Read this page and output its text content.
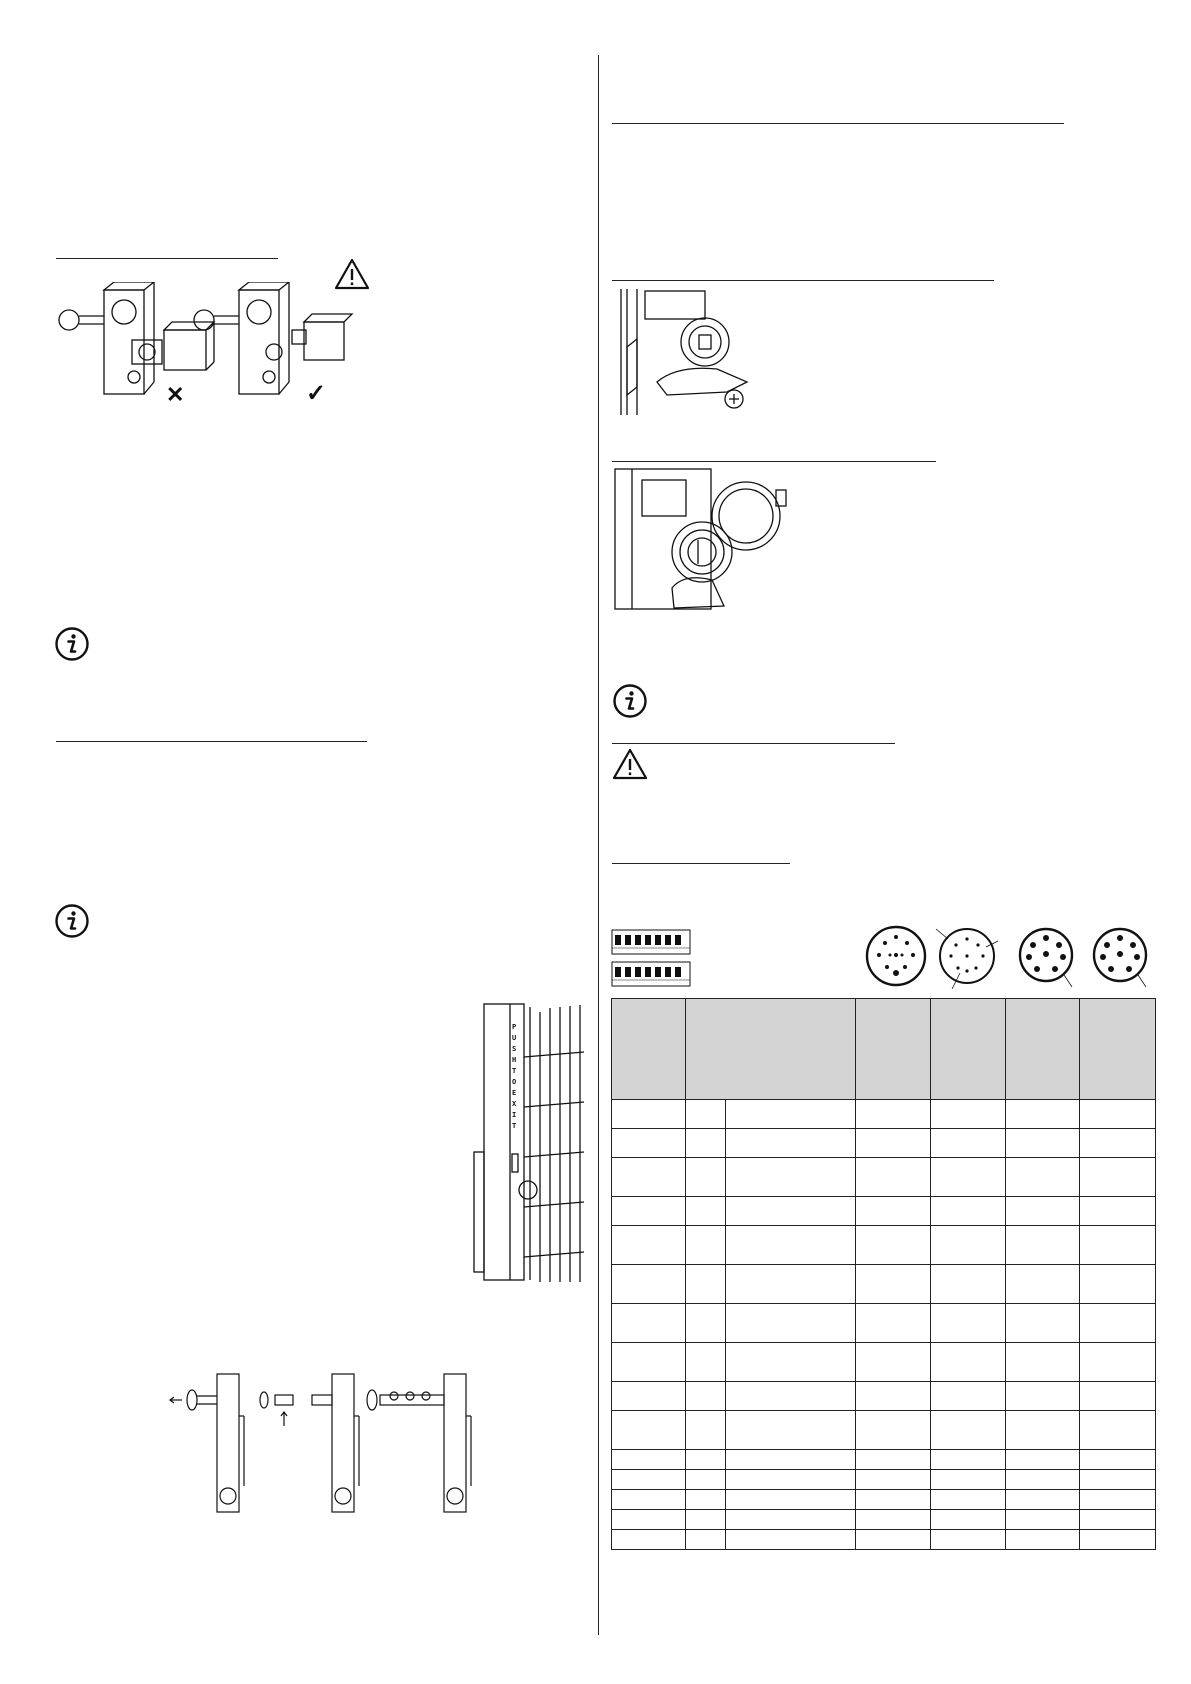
✕	✓
PUSH TO EXIT
